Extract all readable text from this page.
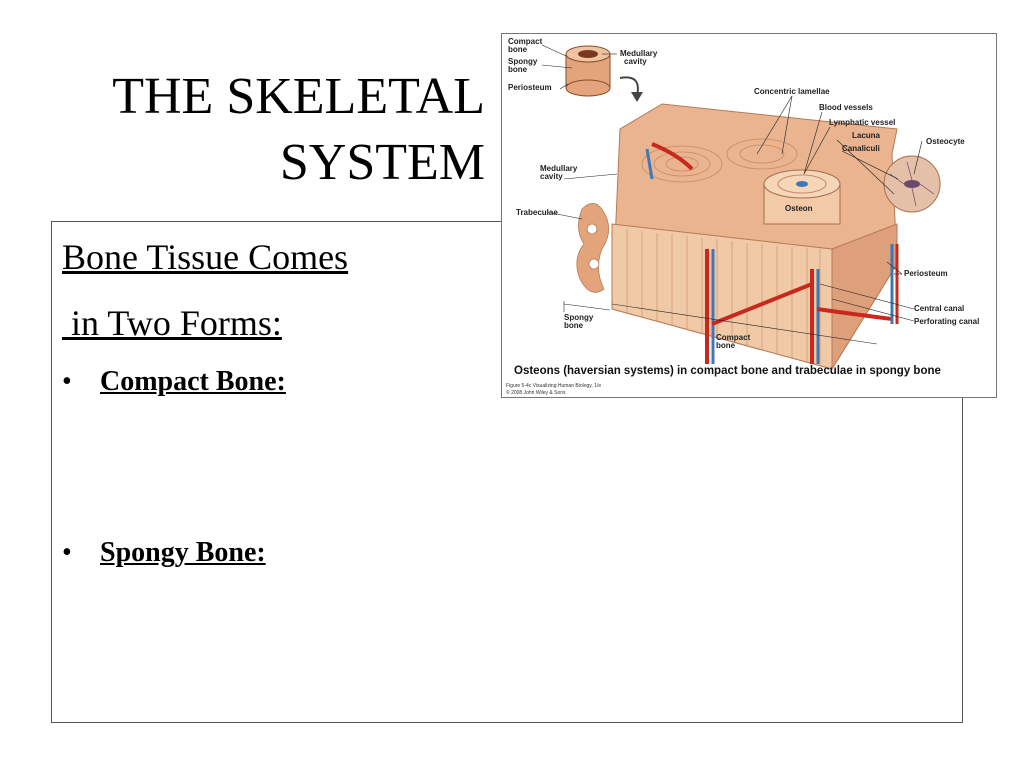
THE SKELETAL
SYSTEM
Bone Tissue Comes
in Two Forms:
•	Compact Bone:
•	Spongy Bone:
Compact bone
Spongy bone
Periosteum
Medullary cavity
Concentric lamellae
Blood vessels
Lymphatic vessel
Lacuna
Canaliculi
Osteocyte
Medullary cavity
Trabeculae	Osteon
Periosteum
Central canal
Perforating canal
Spongy bone
Compact bone
Osteons (haversian systems) in compact bone and trabeculae in spongy bone
Figure 5-4c Visualizing Human Biology, 1/e
© 2008 John Wiley & Sons
